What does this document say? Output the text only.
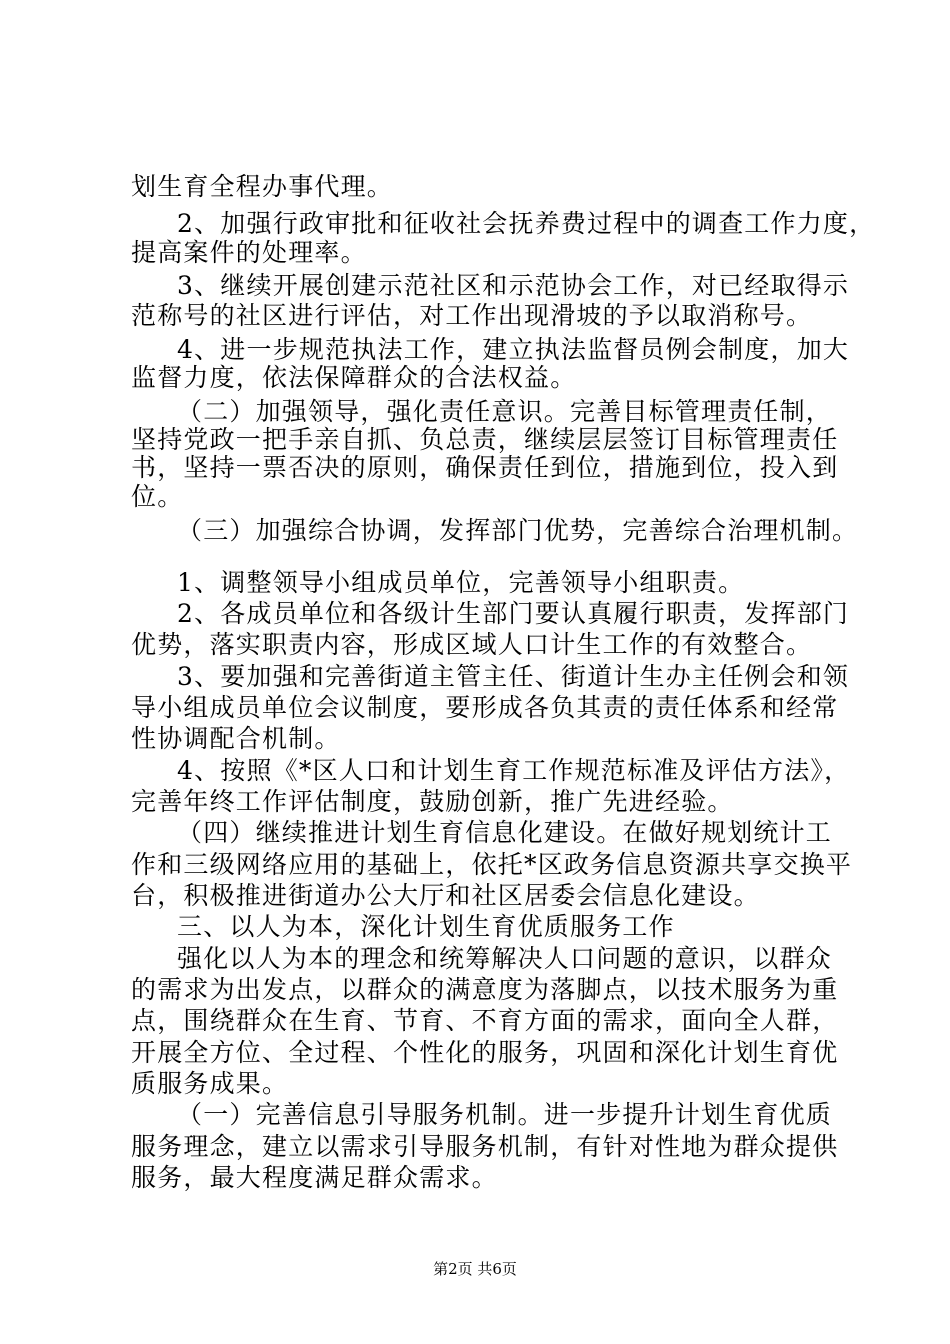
划生育全程办事代理。
2、加强行政审批和征收社会抚养费过程中的调查工作力度，
提高案件的处理率。
3、继续开展创建示范社区和示范协会工作，对已经取得示
范称号的社区进行评估，对工作出现滑坡的予以取消称号。
4、进一步规范执法工作，建立执法监督员例会制度，加大
监督力度，依法保障群众的合法权益。
（二）加强领导，强化责任意识。完善目标管理责任制，
坚持党政一把手亲自抓、负总责，继续层层签订目标管理责任
书，坚持一票否决的原则，确保责任到位，措施到位，投入到
位。
（三）加强综合协调，发挥部门优势，完善综合治理机制。
1、调整领导小组成员单位，完善领导小组职责。
2、各成员单位和各级计生部门要认真履行职责，发挥部门
优势，落实职责内容，形成区域人口计生工作的有效整合。
3、要加强和完善街道主管主任、街道计生办主任例会和领
导小组成员单位会议制度，要形成各负其责的责任体系和经常
性协调配合机制。
4、按照《*区人口和计划生育工作规范标准及评估方法》，
完善年终工作评估制度，鼓励创新，推广先进经验。
（四）继续推进计划生育信息化建设。在做好规划统计工
作和三级网络应用的基础上，依托*区政务信息资源共享交换平
台，积极推进街道办公大厅和社区居委会信息化建设。
三、以人为本，深化计划生育优质服务工作
强化以人为本的理念和统筹解决人口问题的意识，以群众
的需求为出发点，以群众的满意度为落脚点，以技术服务为重
点，围绕群众在生育、节育、不育方面的需求，面向全人群，
开展全方位、全过程、个性化的服务，巩固和深化计划生育优
质服务成果。
（一）完善信息引导服务机制。进一步提升计划生育优质
服务理念，建立以需求引导服务机制，有针对性地为群众提供
服务，最大程度满足群众需求。
第2页 共6页
